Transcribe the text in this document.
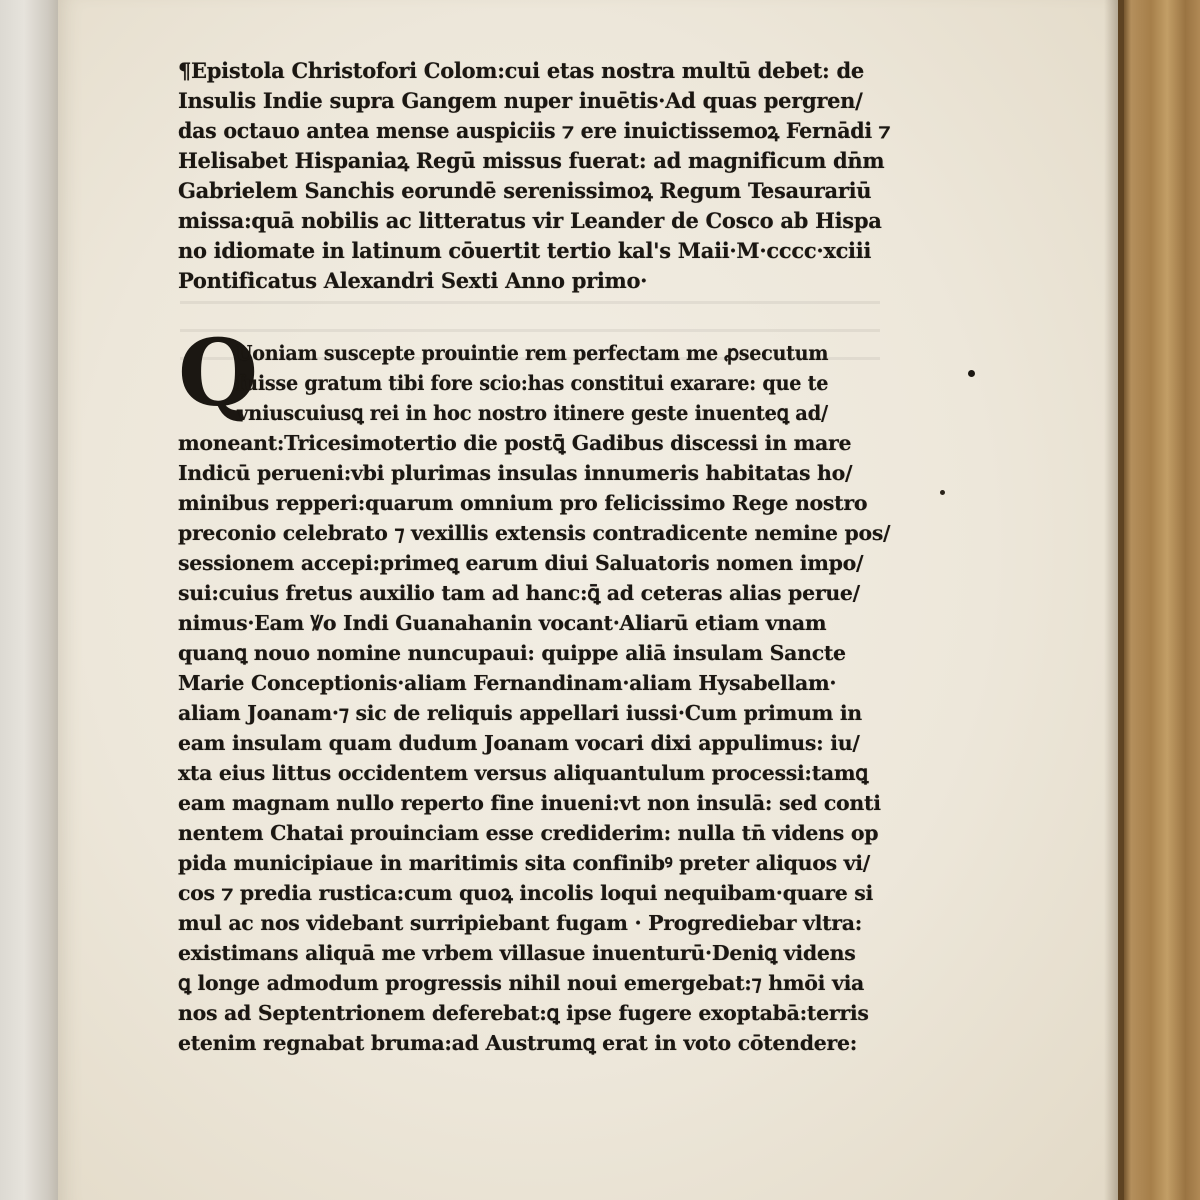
¶Epistola Christofori Colom:cui etas nostra multū debet: de
Insulis Indie supra Gangem nuper inuētis·Ad quas pergren/
das octauo antea mense auspiciis ⁊ ere inuictissemoꝝ Fernādi ⁊
Helisabet Hispaniaꝝ Regū missus fuerat: ad magnificum dn̄m
Gabrielem Sanchis eorundē serenissimoꝝ Regum Tesaurariū
missa:quā nobilis ac litteratus vir Leander de Cosco ab Hispa
no idiomate in latinum cōuertit tertio kal's Maii·M·cccc·xciii
Pontificatus Alexandri Sexti Anno primo·
Q
Uoniam suscepte prouintie rem perfectam me ꝓsecutum
fuisse gratum tibi fore scio:has constitui exarare: que te
vniuscuiusꝗ rei in hoc nostro itinere geste inuenteꝗ ad/
moneant:Tricesimotertio die postꝗ̄ Gadibus discessi in mare
Indicū perueni:vbi plurimas insulas innumeris habitatas ho/
minibus repperi:quarum omnium pro felicissimo Rege nostro
preconio celebrato ⁊ vexillis extensis contradicente nemine pos/
sessionem accepi:primeꝗ earum diui Saluatoris nomen impo/
sui:cuius fretus auxilio tam ad hanc:ꝗ̄ ad ceteras alias perue/
nimus·Eam Ꝟo Indi Guanahanin vocant·Aliarū etiam vnam
quanꝗ nouo nomine nuncupaui: quippe aliā insulam Sancte
Marie Conceptionis·aliam Fernandinam·aliam Hysabellam·
aliam Joanam·⁊ sic de reliquis appellari iussi·Cum primum in
eam insulam quam dudum Joanam vocari dixi appulimus: iu/
xta eius littus occidentem versus aliquantulum processi:tamꝗ
eam magnam nullo reperto fine inueni:vt non insulā: sed conti
nentem Chatai prouinciam esse crediderim: nulla tn̄ videns op
pida municipiaue in maritimis sita confinibꝰ preter aliquos vi/
cos ⁊ predia rustica:cum quoꝝ incolis loqui nequibam·quare si
mul ac nos videbant surripiebant fugam · Progrediebar vltra:
existimans aliquā me vrbem villasue inuenturū·Deniꝗ videns
ꝗ longe admodum progressis nihil noui emergebat:⁊ hmōi via
nos ad Septentrionem deferebat:ꝗ ipse fugere exoptabā:terris
etenim regnabat bruma:ad Austrumꝗ erat in voto cōtendere:
